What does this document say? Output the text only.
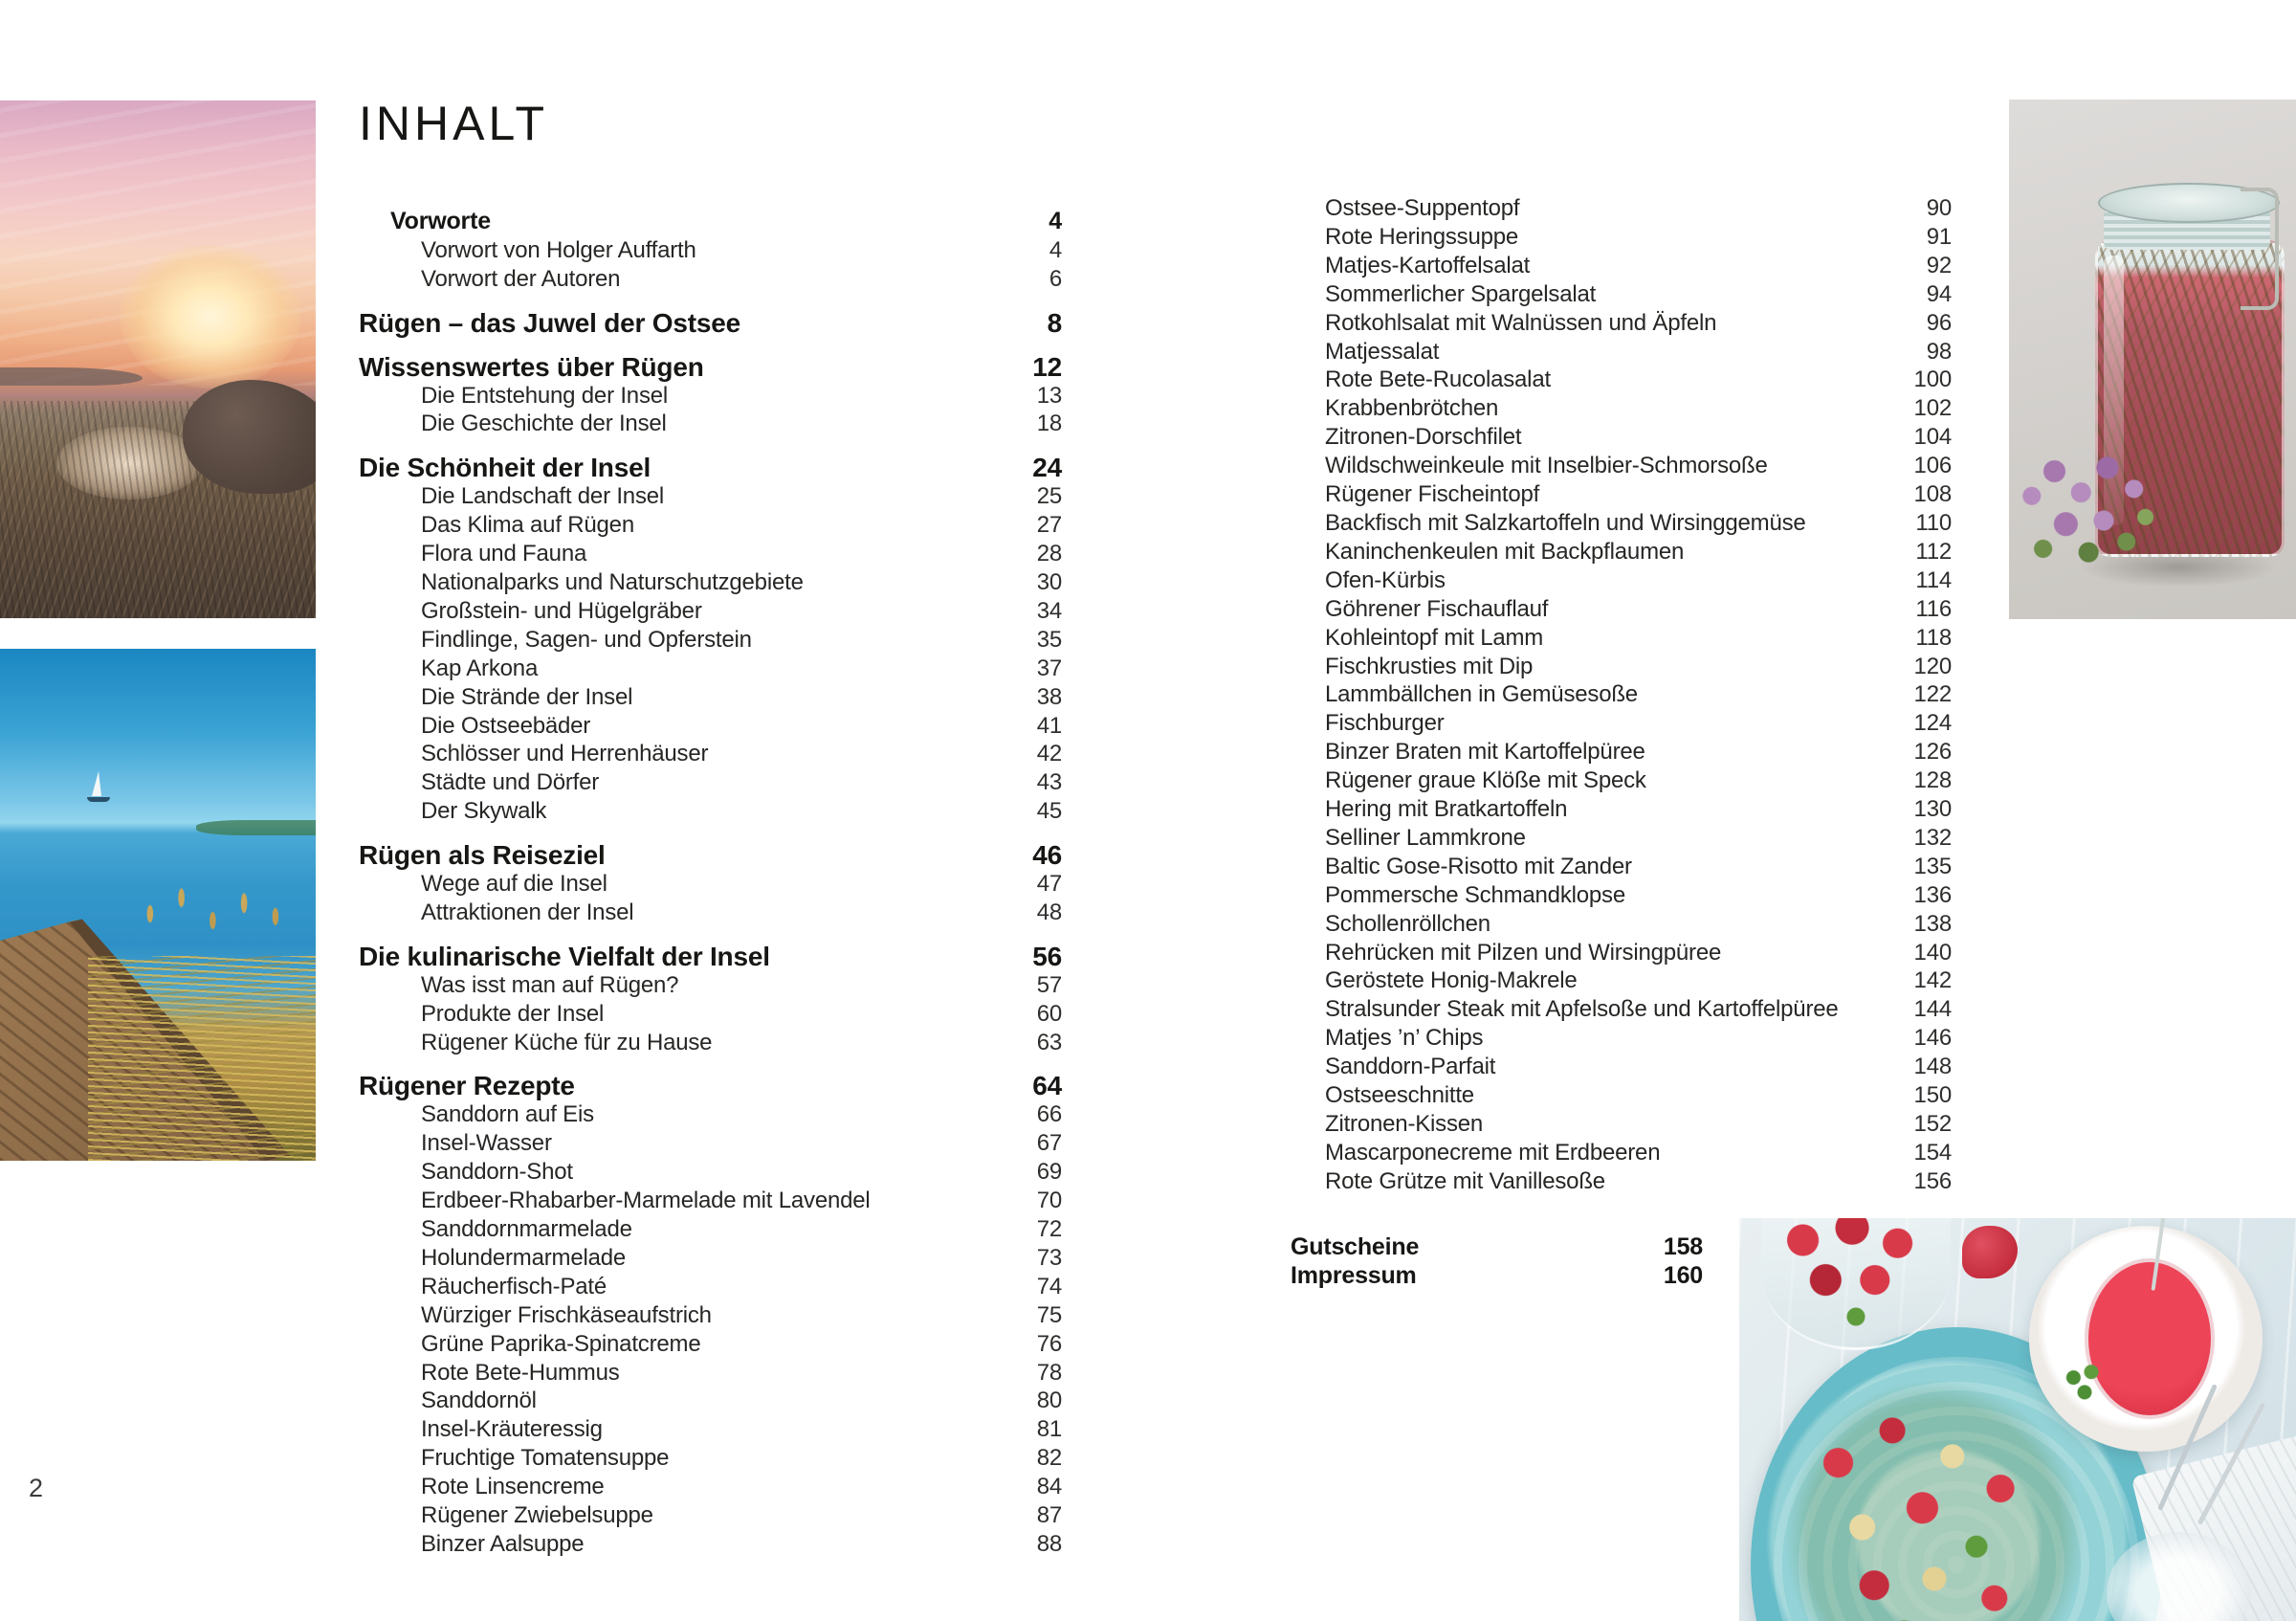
INHALT
Vorworte	4
Vorwort von Holger Auffarth	4
Vorwort der Autoren	6
Rügen – das Juwel der Ostsee	8
Wissenswertes über Rügen	12
Die Entstehung der Insel	13
Die Geschichte der Insel	18
Die Schönheit der Insel	24
Die Landschaft der Insel	25
Das Klima auf Rügen	27
Flora und Fauna	28
Nationalparks und Naturschutzgebiete	30
Großstein- und Hügelgräber	34
Findlinge, Sagen- und Opferstein	35
Kap Arkona	37
Die Strände der Insel	38
Die Ostseebäder	41
Schlösser und Herrenhäuser	42
Städte und Dörfer	43
Der Skywalk	45
Rügen als Reiseziel	46
Wege auf die Insel	47
Attraktionen der Insel	48
Die kulinarische Vielfalt der Insel	56
Was isst man auf Rügen?	57
Produkte der Insel	60
Rügener Küche für zu Hause	63
Rügener Rezepte	64
Sanddorn auf Eis	66
Insel-Wasser	67
Sanddorn-Shot	69
Erdbeer-Rhabarber-Marmelade mit Lavendel	70
Sanddornmarmelade	72
Holundermarmelade	73
Räucherfisch-Paté	74
Würziger Frischkäseaufstrich	75
Grüne Paprika-Spinatcreme	76
Rote Bete-Hummus	78
Sanddornöl	80
Insel-Kräuteressig	81
Fruchtige Tomatensuppe	82
Rote Linsencreme	84
Rügener Zwiebelsuppe	87
Binzer Aalsuppe	88
Ostsee-Suppentopf	90
Rote Heringssuppe	91
Matjes-Kartoffelsalat	92
Sommerlicher Spargelsalat	94
Rotkohlsalat mit Walnüssen und Äpfeln	96
Matjessalat	98
Rote Bete-Rucolasalat	100
Krabbenbrötchen	102
Zitronen-Dorschfilet	104
Wildschweinkeule mit Inselbier-Schmorsoße	106
Rügener Fischeintopf	108
Backfisch mit Salzkartoffeln und Wirsinggemüse	110
Kaninchenkeulen mit Backpflaumen	112
Ofen-Kürbis	114
Göhrener Fischauflauf	116
Kohleintopf mit Lamm	118
Fischkrusties mit Dip	120
Lammbällchen in Gemüsesoße	122
Fischburger	124
Binzer Braten mit Kartoffelpüree	126
Rügener graue Klöße mit Speck	128
Hering mit Bratkartoffeln	130
Selliner Lammkrone	132
Baltic Gose-Risotto mit Zander	135
Pommersche Schmandklopse	136
Schollenröllchen	138
Rehrücken mit Pilzen und Wirsingpüree	140
Geröstete Honig-Makrele	142
Stralsunder Steak mit Apfelsoße und Kartoffelpüree	144
Matjes ’n’ Chips	146
Sanddorn-Parfait	148
Ostseeschnitte	150
Zitronen-Kissen	152
Mascarponecreme mit Erdbeeren	154
Rote Grütze mit Vanillesoße	156
Gutscheine	158
Impressum	160
2
